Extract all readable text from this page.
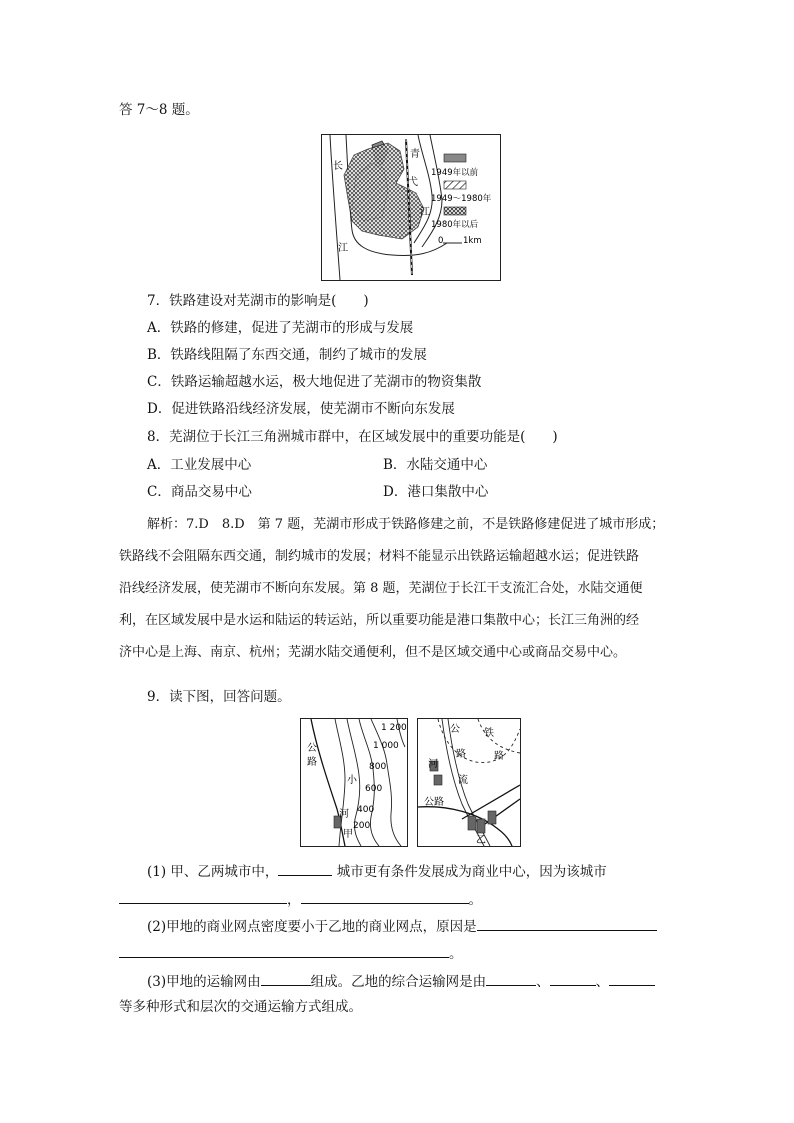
答 7～8 题。
长
江
青
弋
江
1949年以前
1949～1980年
1980年以后
0 1km
7．铁路建设对芜湖市的影响是(　　)
A．铁路的修建，促进了芜湖市的形成与发展
B．铁路线阻隔了东西交通，制约了城市的发展
C．铁路运输超越水运，极大地促进了芜湖市的物资集散
D．促进铁路沿线经济发展，使芜湖市不断向东发展
8．芜湖位于长江三角洲城市群中，在区域发展中的重要功能是(　　)
A．工业发展中心	B．水陆交通中心
C．商品交易中心	D．港口集散中心
解析：7.D　8.D　第 7 题，芜湖市形成于铁路修建之前，不是铁路修建促进了城市形成；
铁路线不会阻隔东西交通，制约城市的发展；材料不能显示出铁路运输超越水运；促进铁路
沿线经济发展，使芜湖市不断向东发展。第 8 题，芜湖位于长江干支流汇合处，水陆交通便
利，在区域发展中是水运和陆运的转运站，所以重要功能是港口集散中心；长江三角洲的经
济中心是上海、南京、杭州；芜湖水陆交通便利，但不是区域交通中心或商品交易中心。
9．读下图，回答问题。
1 200
1 000
800
600
400
200
公
路
小
河
甲
公
路
铁
路
河
流
公路
乙
(1) 甲、乙两城市中，	城市更有条件发展成为商业中心，因为该城市
，	。
(2)甲地的商业网点密度要小于乙地的商业网点，原因是
。
(3)甲地的运输网由	组成。乙地的综合运输网是由	、	、
等多种形式和层次的交通运输方式组成。
